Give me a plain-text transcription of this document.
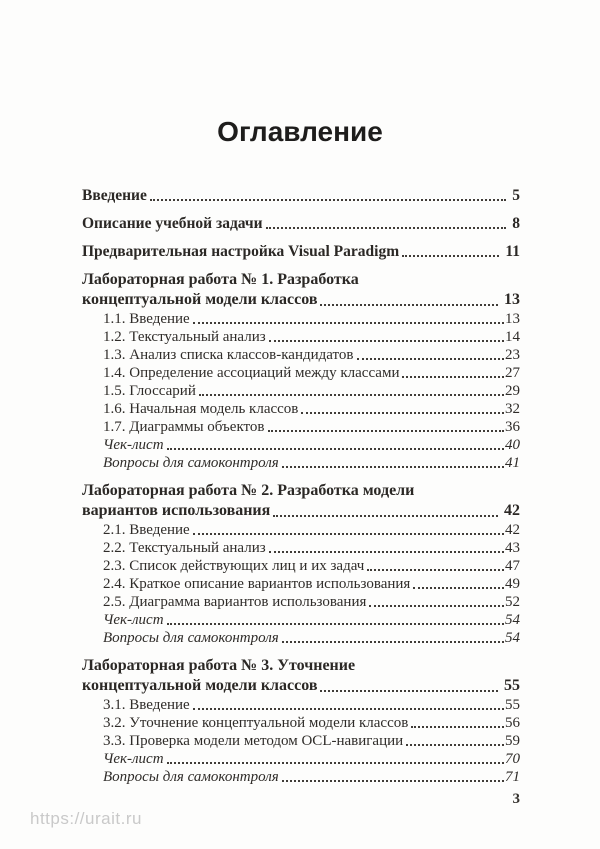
Оглавление
Введение	5
Описание учебной задачи	8
Предварительная настройка Visual Paradigm	11
Лабораторная работа № 1. Разработка
концептуальной модели классов	13
1.1. Введение	13
1.2. Текстуальный анализ	14
1.3. Анализ списка классов-кандидатов	23
1.4. Определение ассоциаций между классами	27
1.5. Глоссарий	29
1.6. Начальная модель классов	32
1.7. Диаграммы объектов	36
Чек-лист	40
Вопросы для самоконтроля	41
Лабораторная работа № 2. Разработка модели
вариантов использования	42
2.1. Введение	42
2.2. Текстуальный анализ	43
2.3. Список действующих лиц и их задач	47
2.4. Краткое описание вариантов использования	49
2.5. Диаграмма вариантов использования	52
Чек-лист	54
Вопросы для самоконтроля	54
Лабораторная работа № 3. Уточнение
концептуальной модели классов	55
3.1. Введение	55
3.2. Уточнение концептуальной модели классов	56
3.3. Проверка модели методом OCL-навигации	59
Чек-лист	70
Вопросы для самоконтроля	71
3
https://urait.ru
